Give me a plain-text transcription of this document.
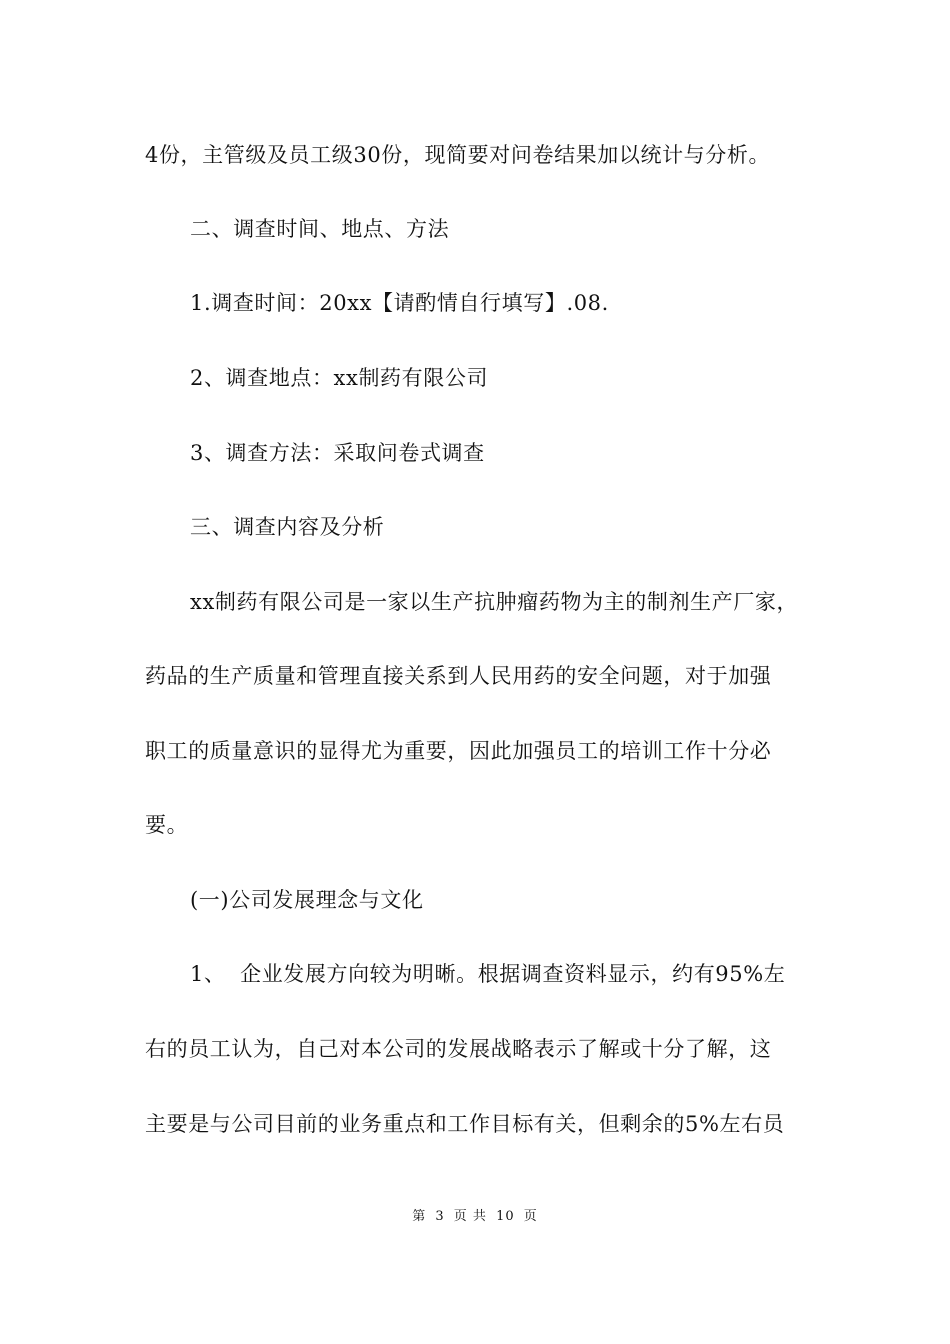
4份，主管级及员工级30份，现简要对问卷结果加以统计与分析。
二、调查时间、地点、方法
1.调查时间：20xx【请酌情自行填写】.08.
2、调查地点：xx制药有限公司
3、调查方法：采取问卷式调查
三、调查内容及分析
xx制药有限公司是一家以生产抗肿瘤药物为主的制剂生产厂家，
药品的生产质量和管理直接关系到人民用药的安全问题，对于加强
职工的质量意识的显得尤为重要，因此加强员工的培训工作十分必
要。
(一)公司发展理念与文化
1、  企业发展方向较为明晰。根据调查资料显示，约有95%左
右的员工认为，自己对本公司的发展战略表示了解或十分了解，这
主要是与公司目前的业务重点和工作目标有关，但剩余的5%左右员
第 3 页 共 10 页
